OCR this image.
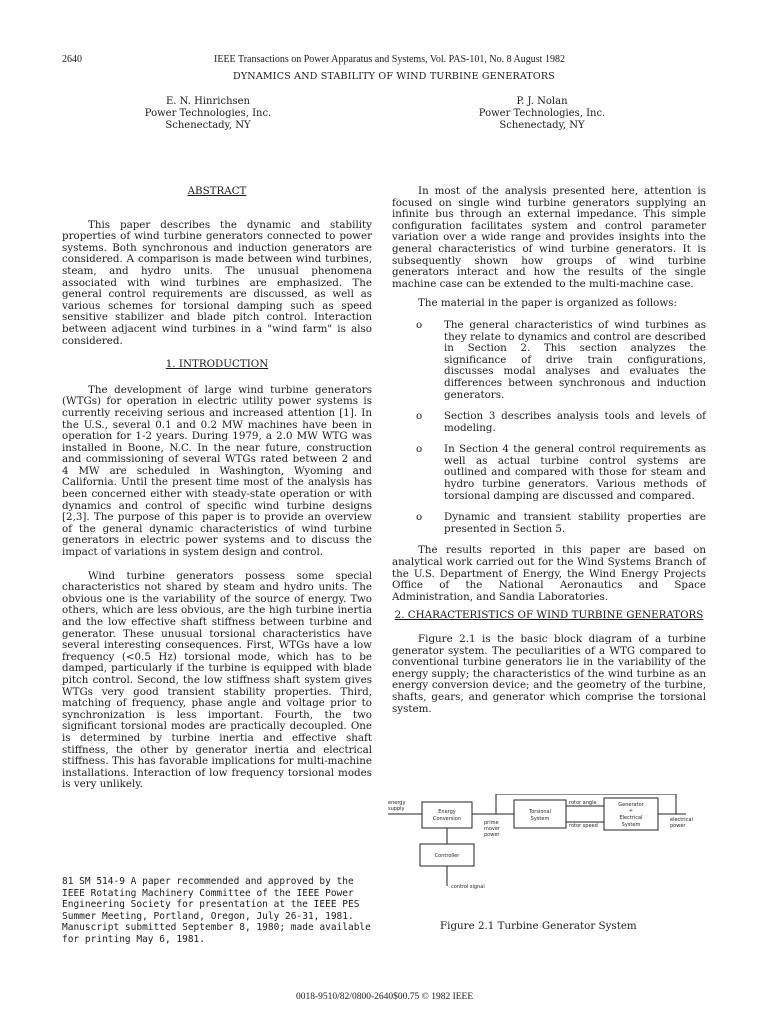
2640	IEEE Transactions on Power Apparatus and Systems, Vol. PAS-101, No. 8 August 1982
DYNAMICS AND STABILITY OF WIND TURBINE GENERATORS
E. N. Hinrichsen
Power Technologies, Inc.
Schenectady, NY
P. J. Nolan
Power Technologies, Inc.
Schenectady, NY
ABSTRACT

This paper describes the dynamic and stability properties of wind turbine generators connected to power systems. Both synchronous and induction generators are considered. A comparison is made between wind turbines, steam, and hydro units. The unusual phenomena associated with wind turbines are emphasized. The general control requirements are discussed, as well as various schemes for torsional damping such as speed sensitive stabilizer and blade pitch control. Interaction between adjacent wind turbines in a "wind farm" is also considered.

1. INTRODUCTION

The development of large wind turbine generators (WTGs) for operation in electric utility power systems is currently receiving serious and increased attention [1]. In the U.S., several 0.1 and 0.2 MW machines have been in operation for 1-2 years. During 1979, a 2.0 MW WTG was installed in Boone, N.C. In the near future, construction and commissioning of several WTGs rated between 2 and 4 MW are scheduled in Washington, Wyoming and California. Until the present time most of the analysis has been concerned either with steady-state operation or with dynamics and control of specific wind turbine designs [2,3]. The purpose of this paper is to provide an overview of the general dynamic characteristics of wind turbine generators in electric power systems and to discuss the impact of variations in system design and control.

Wind turbine generators possess some special characteristics not shared by steam and hydro units. The obvious one is the variability of the source of energy. Two others, which are less obvious, are the high turbine inertia and the low effective shaft stiffness between turbine and generator. These unusual torsional characteristics have several interesting consequences. First, WTGs have a low frequency (<0.5 Hz) torsional mode, which has to be damped, particularly if the turbine is equipped with blade pitch control. Second, the low stiffness shaft system gives WTGs very good transient stability properties. Third, matching of frequency, phase angle and voltage prior to synchronization is less important. Fourth, the two significant torsional modes are practically decoupled. One is determined by turbine inertia and effective shaft stiffness, the other by generator inertia and electrical stiffness. This has favorable implications for multi-machine installations. Interaction of low frequency torsional modes is very unlikely.

81 SM 514-9 A paper recommended and approved by the IEEE Rotating Machinery Committee of the IEEE Power Engineering Society for presentation at the IEEE PES Summer Meeting, Portland, Oregon, July 26-31, 1981. Manuscript submitted September 8, 1980; made available for printing May 6, 1981.

In most of the analysis presented here, attention is focused on single wind turbine generators supplying an infinite bus through an external impedance. This simple configuration facilitates system and control parameter variation over a wide range and provides insights into the general characteristics of wind turbine generators. It is subsequently shown how groups of wind turbine generators interact and how the results of the single machine case can be extended to the multi-machine case.

The material in the paper is organized as follows:

o The general characteristics of wind turbines as they relate to dynamics and control are described in Section 2. This section analyzes the significance of drive train configurations, discusses modal analyses and evaluates the differences between synchronous and induction generators.
o Section 3 describes analysis tools and levels of modeling.
o In Section 4 the general control requirements as well as actual turbine control systems are outlined and compared with those for steam and hydro turbine generators. Various methods of torsional damping are discussed and compared.
o Dynamic and transient stability properties are presented in Section 5.

The results reported in this paper are based on analytical work carried out for the Wind Systems Branch of the U.S. Department of Energy, the Wind Energy Projects Office of the National Aeronautics and Space Administration, and Sandia Laboratories.

2. CHARACTERISTICS OF WIND TURBINE GENERATORS

Figure 2.1 is the basic block diagram of a turbine generator system. The peculiarities of a WTG compared to conventional turbine generators lie in the variability of the energy supply; the characteristics of the wind turbine as an energy conversion device; and the geometry of the turbine, shafts, gears, and generator which comprise the torsional system.

energy
supply	Energy
Conversion
prime
mover
power
Torsional
System
rotor angle
rotor speed
Generator
+
Electrical
System
electrical
power
Controller
control signal
Figure 2.1 Turbine Generator System
0018-9510/82/0800-2640$00.75 © 1982 IEEE
